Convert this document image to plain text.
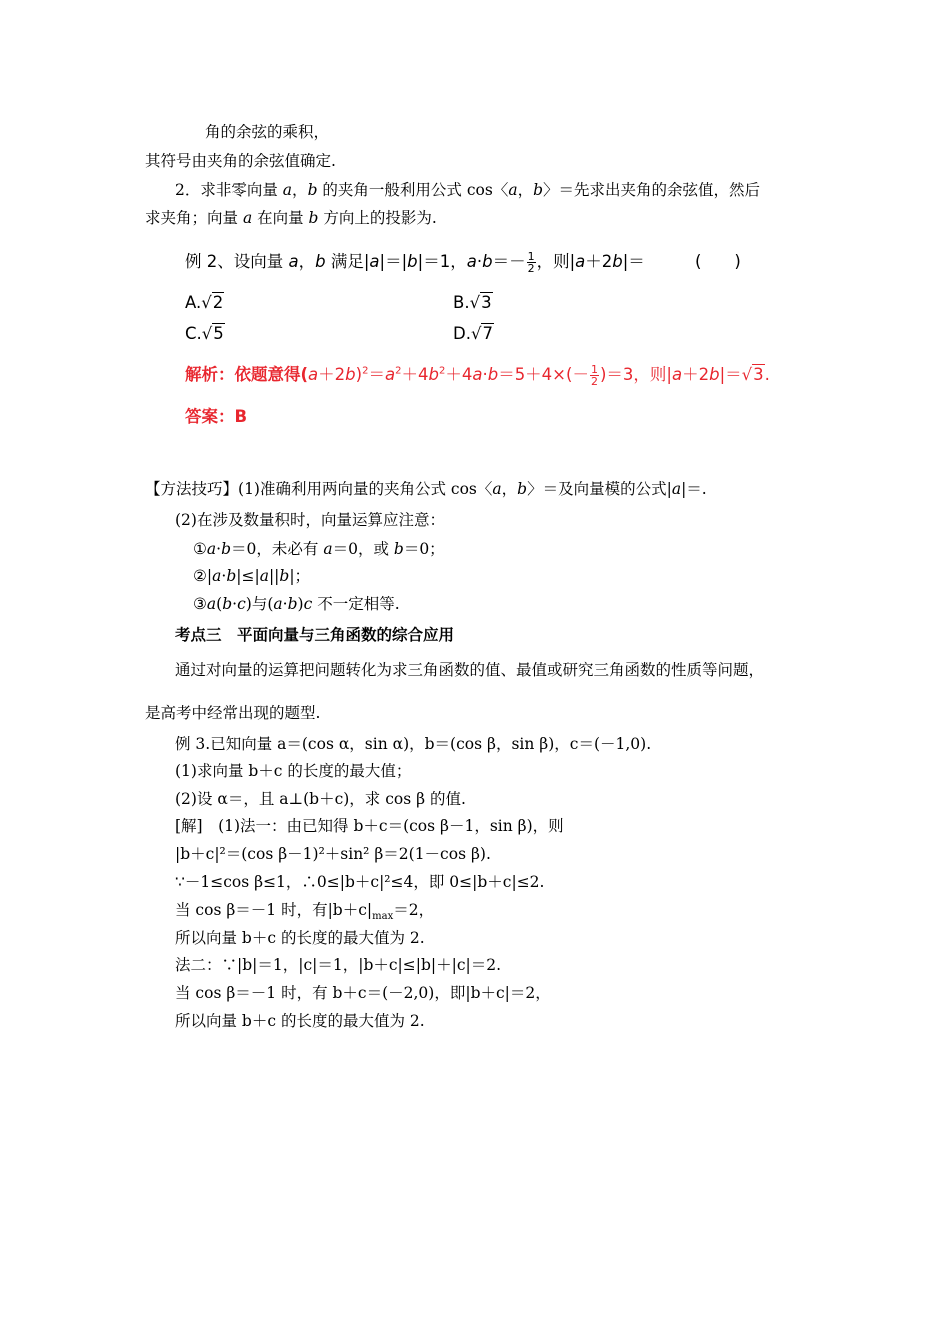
角的余弦的乘积，
其符号由夹角的余弦值确定.
2．求非零向量 a，b 的夹角一般利用公式 cos〈a，b〉＝先求出夹角的余弦值，然后
求夹角；向量 a 在向量 b 方向上的投影为.
例 2、设向量 a，b 满足|a|＝|b|＝1，$a\cdot b=- \frac{1}{2}$ ，则|a＋2b|＝	(　　)
A.√2	B.√3
C.√5	D.√7
解析：依题意得$(a+2b)^2=a^2+4b^2+4a\cdot b=5+4\times(- \frac{1}{2} )=3$，则|a＋2b|＝√3.
答案：B
【方法技巧】(1)准确利用两向量的夹角公式 cos〈a，b〉＝及向量模的公式|a|＝.
(2)在涉及数量积时，向量运算应注意：
①a·b＝0，未必有 a＝0，或 b＝0；
②|a·b|≤|a||b|；
③a(b·c)与(a·b)c 不一定相等.
考点三　平面向量与三角函数的综合应用
通过对向量的运算把问题转化为求三角函数的值、最值或研究三角函数的性质等问题，
是高考中经常出现的题型.
例 3.已知向量 a＝(cos α，sin α)，b＝(cos β，sin β)，c＝(－1,0).
(1)求向量 b＋c 的长度的最大值；
(2)设 α＝，且 a⊥(b＋c)，求 cos β 的值.
[解]　(1)法一：由已知得 b＋c＝(cos β－1，sin β)，则
|b＋c|²＝(cos β－1)²＋sin² β＝2(1－cos β).
∵－1≤cos β≤1，∴0≤|b＋c|²≤4，即 0≤|b＋c|≤2.
当 cos β＝－1 时，有$|b+c|_{max}=2$，
所以向量 b＋c 的长度的最大值为 2.
法二：∵|b|＝1，|c|＝1，|b＋c|≤|b|＋|c|＝2.
当 cos β＝－1 时，有 b＋c＝(－2,0)，即|b＋c|＝2，
所以向量 b＋c 的长度的最大值为 2.
